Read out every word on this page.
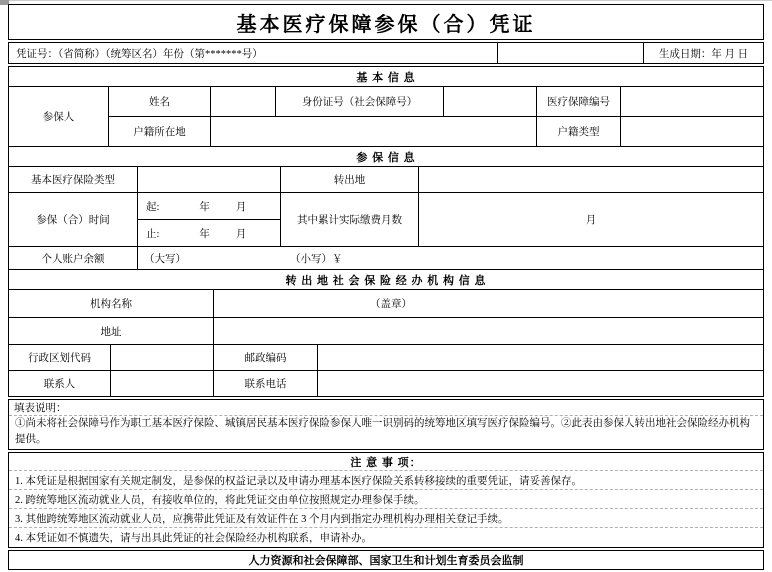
基本医疗保障参保（合）凭证
凭证号：（省简称）（统筹区名）年份（第*******号）	生成日期：年 月 日
基 本 信 息
参保人
姓名	身份证号（社会保障号）	医疗保障编号
户籍所在地	户籍类型
参 保 信 息
基本医疗保险类型	转出地
参保（合）时间
起:	年 月
止:	年 月
其中累计实际缴费月数	月
个人账户余额	（大写）	（小写）￥
转 出 地 社 会 保 险 经 办 机 构 信 息
机构名称	（盖章）
地址
行政区划代码	邮政编码
联系人	联系电话
填表说明：
①尚未将社会保障号作为职工基本医疗保险、城镇居民基本医疗保险参保人唯一识别码的统筹地区填写医疗保险编号。②此表由参保人转出地社会保险经办机构提供。
注 意 事 项：
1. 本凭证是根据国家有关规定制发，是参保的权益记录以及申请办理基本医疗保险关系转移接续的重要凭证，请妥善保存。
2. 跨统筹地区流动就业人员，有接收单位的，将此凭证交由单位按照规定办理参保手续。
3. 其他跨统筹地区流动就业人员，应携带此凭证及有效证件在 3 个月内到指定办理机构办理相关登记手续。
4. 本凭证如不慎遗失，请与出具此凭证的社会保险经办机构联系，申请补办。
人力资源和社会保障部、国家卫生和计划生育委员会监制
